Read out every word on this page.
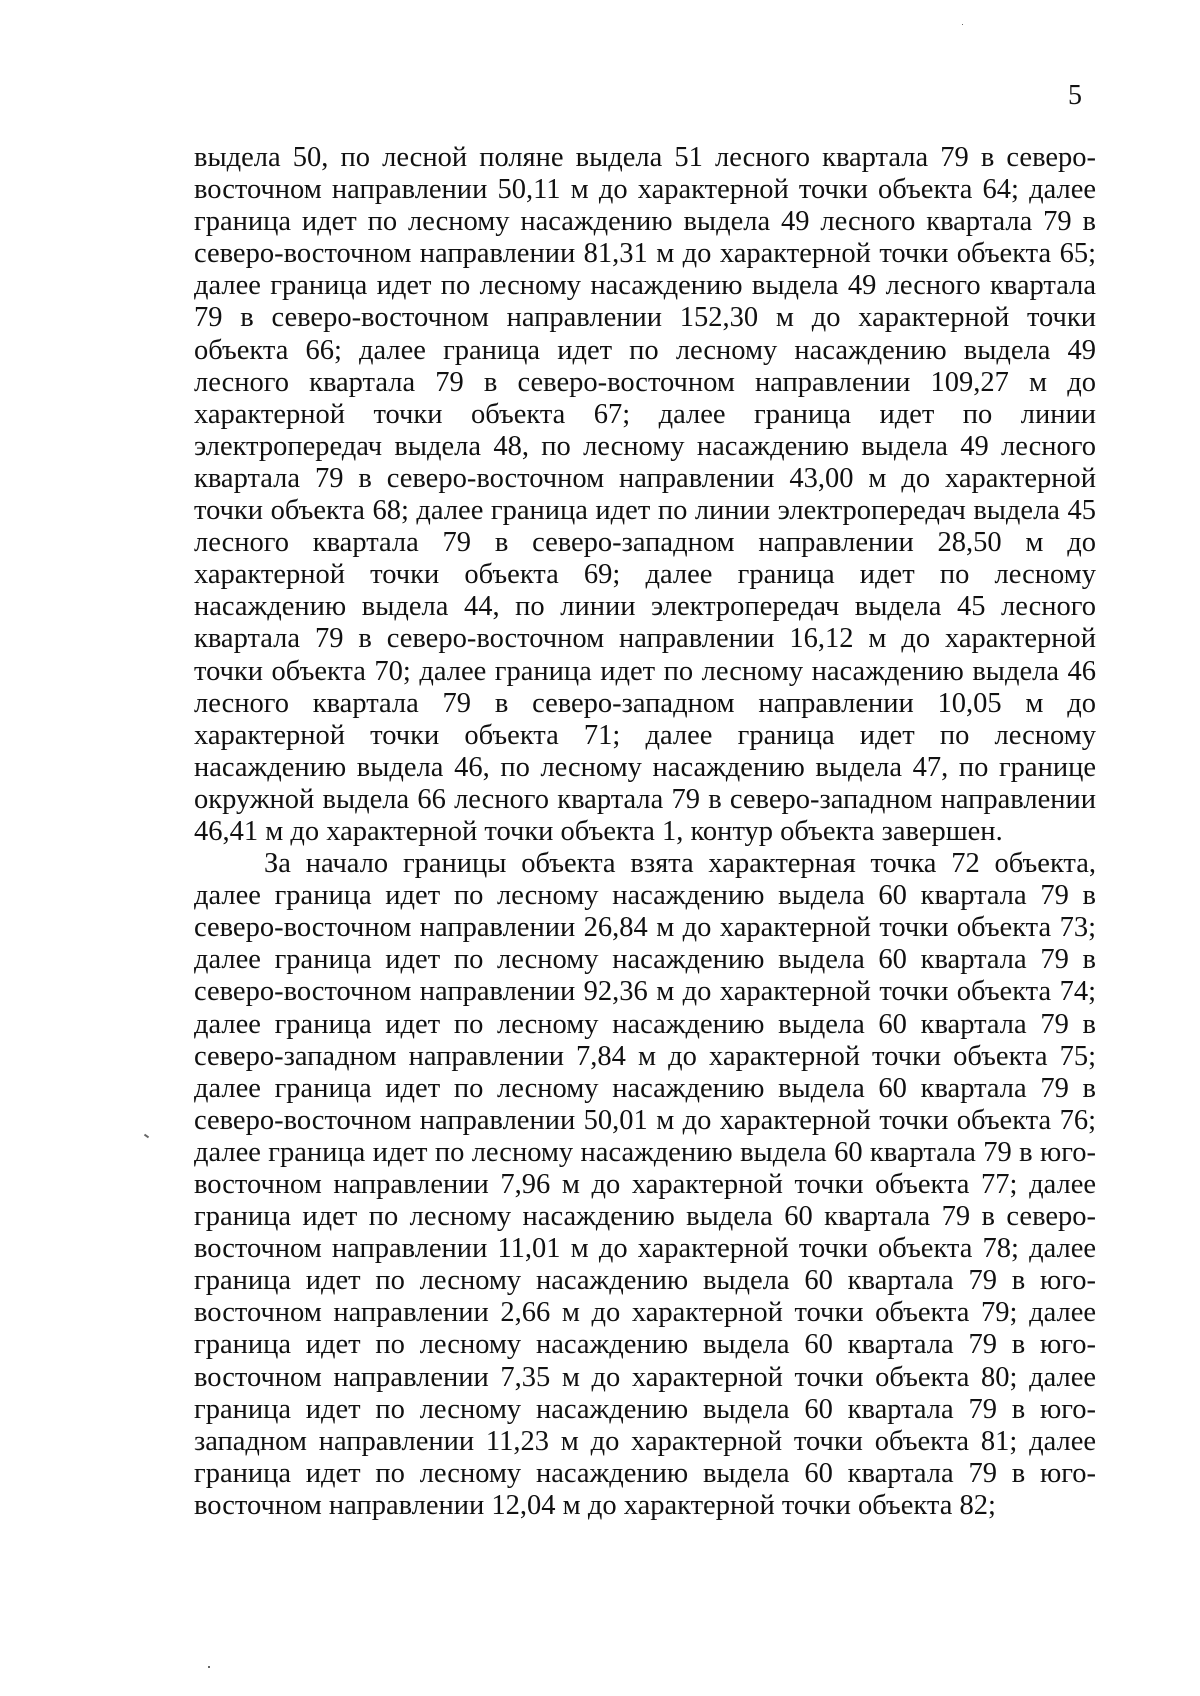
5

выдела 50, по лесной поляне выдела 51 лесного квартала 79 в северо-восточном направлении 50,11 м до характерной точки объекта 64; далее граница идет по лесному насаждению выдела 49 лесного квартала 79 в северо-восточном направлении 81,31 м до характерной точки объекта 65; далее граница идет по лесному насаждению выдела 49 лесного квартала 79 в северо-восточном направлении 152,30 м до характерной точки объекта 66; далее граница идет по лесному насаждению выдела 49 лесного квартала 79 в северо-восточном направлении 109,27 м до характерной точки объекта 67; далее граница идет по линии электропередач выдела 48, по лесному насаждению выдела 49 лесного квартала 79 в северо-восточном направлении 43,00 м до характерной точки объекта 68; далее граница идет по линии электропередач выдела 45 лесного квартала 79 в северо-западном направлении 28,50 м до характерной точки объекта 69; далее граница идет по лесному насаждению выдела 44, по линии электропередач выдела 45 лесного квартала 79 в северо-восточном направлении 16,12 м до характерной точки объекта 70; далее граница идет по лесному насаждению выдела 46 лесного квартала 79 в северо-западном направлении 10,05 м до характерной точки объекта 71; далее граница идет по лесному насаждению выдела 46, по лесному насаждению выдела 47, по границе окружной выдела 66 лесного квартала 79 в северо-западном направлении 46,41 м до характерной точки объекта 1, контур объекта завершен.

За начало границы объекта взята характерная точка 72 объекта, далее граница идет по лесному насаждению выдела 60 квартала 79 в северо-восточном направлении 26,84 м до характерной точки объекта 73; далее граница идет по лесному насаждению выдела 60 квартала 79 в северо-восточном направлении 92,36 м до характерной точки объекта 74; далее граница идет по лесному насаждению выдела 60 квартала 79 в северо-западном направлении 7,84 м до характерной точки объекта 75; далее граница идет по лесному насаждению выдела 60 квартала 79 в северо-восточном направлении 50,01 м до характерной точки объекта 76; далее граница идет по лесному насаждению выдела 60 квартала 79 в юго-восточном направлении 7,96 м до характерной точки объекта 77; далее граница идет по лесному насаждению выдела 60 квартала 79 в северо-восточном направлении 11,01 м до характерной точки объекта 78; далее граница идет по лесному насаждению выдела 60 квартала 79 в юго-восточном направлении 2,66 м до характерной точки объекта 79; далее граница идет по лесному насаждению выдела 60 квартала 79 в юго-восточном направлении 7,35 м до характерной точки объекта 80; далее граница идет по лесному насаждению выдела 60 квартала 79 в юго-западном направлении 11,23 м до характерной точки объекта 81; далее граница идет по лесному насаждению выдела 60 квартала 79 в юго-восточном направлении 12,04 м до характерной точки объекта 82;
